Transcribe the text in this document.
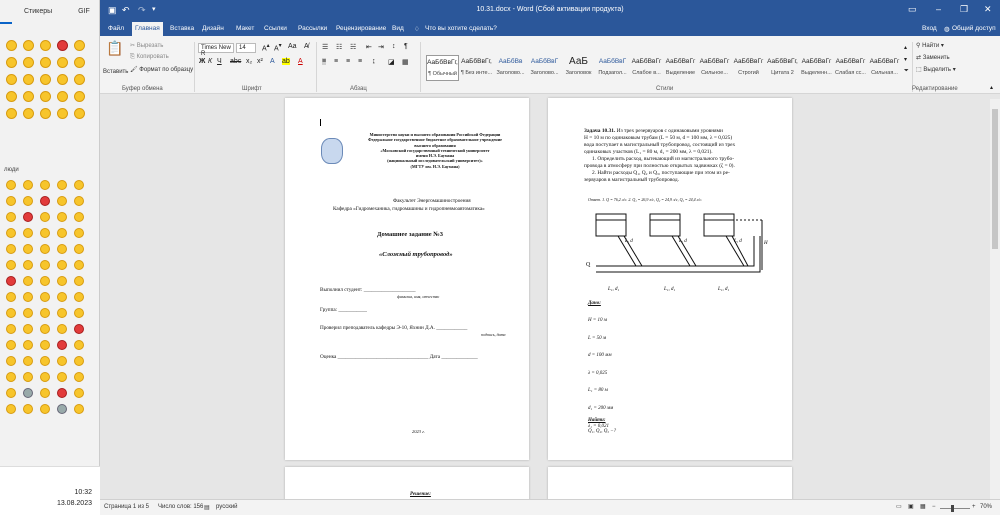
Стикеры	GIF
люди
10:32
13.08.2023
▣ ↶ ↷ ▾	10.31.docx - Word (Сбой активации продукта)	▭ – ❐ ✕
Файл	Главная	Вставка Дизайн Макет Ссылки Рассылки Рецензирование Вид ♢ Что вы хотите сделать?	Вход ◍ Общий доступ
📋
Вставить
✂ Вырезать
⎘ Копировать
🖌 Формат по образцу
Буфер обмена
Times New R
14	A▴ A▾ Aa A̸
Ж К Ч abc x₂ x² A ab A
Шрифт
☰ ☷ ☵ ⇤ ⇥ ↕ ¶
≡ ≡ ≡ ≡ ↨ ◪ ▦
Абзац
АаБбВвГг,
¶ Обычный
АаБбВвГг,
¶ Без инте...
АаБбВв
Заголово...
АаБбВвГ
Заголово...
АаБ
Заголовок
АаБбВвГ
Подзагол...
АаБбВвГг
Слабое в...
АаБбВвГг
Выделение
АаБбВвГг
Сильное...
АаБбВвГг
Строгий
АаБбВвГг,
Цитата 2
АаБбВвГг
Выделенн...
АаБбВвГг
Слабая сс...
АаБбВвГг
Сильная...
▴
▾
⏷
Стили
⚲ Найти ▾
⇄ Заменить
⬚ Выделить ▾
Редактирование	▴
Министерство науки и высшего образования Российской Федерации
Федеральное государственное бюджетное образовательное учреждение
высшего образования
«Московский государственный технический университет
имени Н.Э. Баумана
(национальный исследовательский университет)»
(МГТУ им. Н.Э. Баумана)
Факультет Энергомашиностроения
Кафедра «Гидромеханика, гидромашины и гидропневмоавтоматика»
Домашнее задание №3
«Сложный трубопровод»
Выполнил студент: ____________________
фамилия, имя, отчество
Группа: ___________
Проверил преподаватель кафедры Э-10, Яхнин Д.А. ____________
подпись, дата
Оценка ___________________________________ Дата ______________
2023 г.
Задача 10.31. Из трех резервуаров с одинаковыми уровнями
H = 10 м по одинаковым трубам (L = 50 м, d = 100 мм, λ = 0,025)
вода поступает в магистральный трубопровод, состоящий из трех
одинаковых участков (L₁ = 80 м, d₁ = 200 мм, λ = 0,021).
1. Определить расход, вытекающий из магистрального трубо-
провода в атмосферу при полностью открытых задвижках (ζ = 0).
2. Найти расходы Q₁, Q₂ и Q₃, поступающие при этом из ре-
зервуаров в магистральный трубопровод.
Ответ. 1. Q = 76,2 л/с. 2. Q₁ = 26,9 л/с, Q₂ = 24,9 л/с, Q₃ = 24,4 л/с.
Q
L, d	L, d	L, d	H
L₁, d₁	L₁, d₁	L₁, d₁
Дано:
H = 10 м
L = 50 м
d = 100 мм
λ = 0,025
L₁ = 80 м
d₁ = 200 мм
λ₁ = 0,021
Найти:
Q₁, Q₂, Q₃ −?
Решение:
Страница 1 из 5 Число слов: 156 ▤ русский	▭ ▣ ▦ −	+ 70%
